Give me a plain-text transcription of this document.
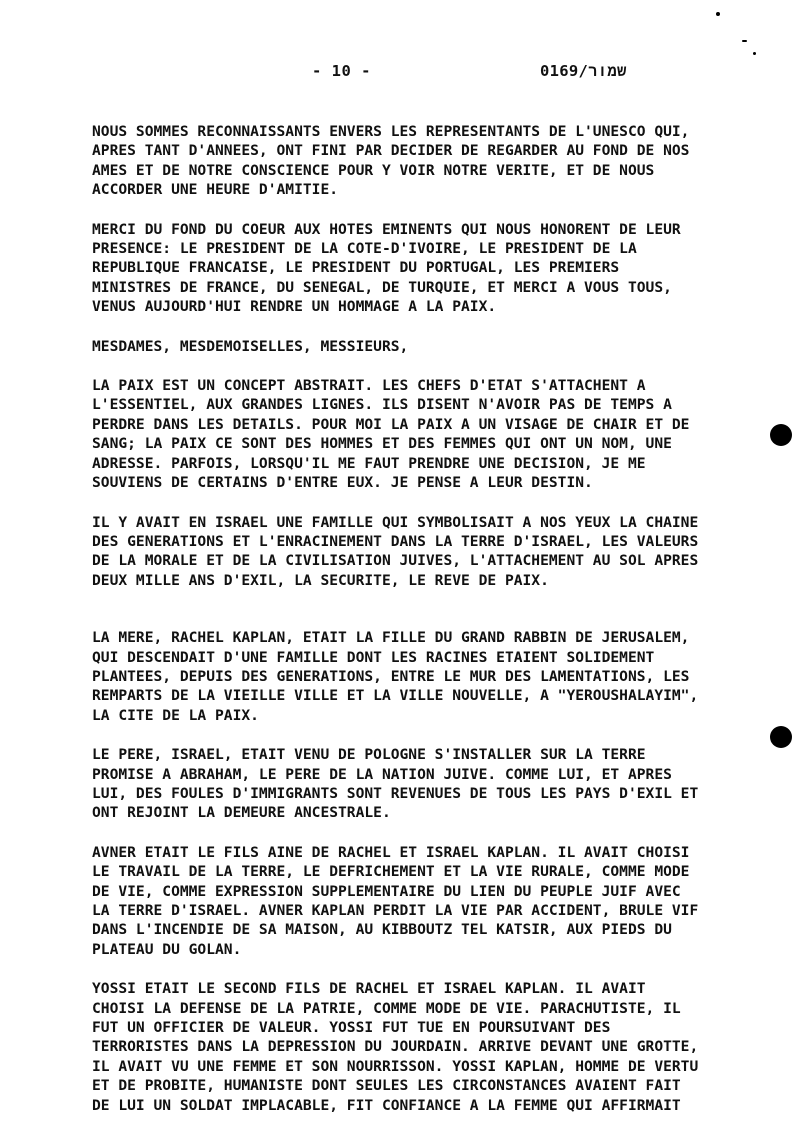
- 10 -	שמור/0169

NOUS SOMMES RECONNAISSANTS ENVERS LES REPRESENTANTS DE L'UNESCO QUI,
APRES TANT D'ANNEES, ONT FINI PAR DECIDER DE REGARDER AU FOND DE NOS
AMES ET DE NOTRE CONSCIENCE POUR Y VOIR NOTRE VERITE, ET DE NOUS
ACCORDER UNE HEURE D'AMITIE.

MERCI DU FOND DU COEUR AUX HOTES EMINENTS QUI NOUS HONORENT DE LEUR
PRESENCE: LE PRESIDENT DE LA COTE-D'IVOIRE, LE PRESIDENT DE LA
REPUBLIQUE FRANCAISE, LE PRESIDENT DU PORTUGAL, LES PREMIERS
MINISTRES DE FRANCE, DU SENEGAL, DE TURQUIE, ET MERCI A VOUS TOUS,
VENUS AUJOURD'HUI RENDRE UN HOMMAGE A LA PAIX.

MESDAMES, MESDEMOISELLES, MESSIEURS,

LA PAIX EST UN CONCEPT ABSTRAIT. LES CHEFS D'ETAT S'ATTACHENT A
L'ESSENTIEL, AUX GRANDES LIGNES. ILS DISENT N'AVOIR PAS DE TEMPS A
PERDRE DANS LES DETAILS. POUR MOI LA PAIX A UN VISAGE DE CHAIR ET DE
SANG; LA PAIX CE SONT DES HOMMES ET DES FEMMES QUI ONT UN NOM, UNE
ADRESSE. PARFOIS, LORSQU'IL ME FAUT PRENDRE UNE DECISION, JE ME
SOUVIENS DE CERTAINS D'ENTRE EUX. JE PENSE A LEUR DESTIN.

IL Y AVAIT EN ISRAEL UNE FAMILLE QUI SYMBOLISAIT A NOS YEUX LA CHAINE
DES GENERATIONS ET L'ENRACINEMENT DANS LA TERRE D'ISRAEL, LES VALEURS
DE LA MORALE ET DE LA CIVILISATION JUIVES, L'ATTACHEMENT AU SOL APRES
DEUX MILLE ANS D'EXIL, LA SECURITE, LE REVE DE PAIX.

LA MERE, RACHEL KAPLAN, ETAIT LA FILLE DU GRAND RABBIN DE JERUSALEM,
QUI DESCENDAIT D'UNE FAMILLE DONT LES RACINES ETAIENT SOLIDEMENT
PLANTEES, DEPUIS DES GENERATIONS, ENTRE LE MUR DES LAMENTATIONS, LES
REMPARTS DE LA VIEILLE VILLE ET LA VILLE NOUVELLE, A "YEROUSHALAYIM",
LA CITE DE LA PAIX.

LE PERE, ISRAEL, ETAIT VENU DE POLOGNE S'INSTALLER SUR LA TERRE
PROMISE A ABRAHAM, LE PERE DE LA NATION JUIVE. COMME LUI, ET APRES
LUI, DES FOULES D'IMMIGRANTS SONT REVENUES DE TOUS LES PAYS D'EXIL ET
ONT REJOINT LA DEMEURE ANCESTRALE.

AVNER ETAIT LE FILS AINE DE RACHEL ET ISRAEL KAPLAN. IL AVAIT CHOISI
LE TRAVAIL DE LA TERRE, LE DEFRICHEMENT ET LA VIE RURALE, COMME MODE
DE VIE, COMME EXPRESSION SUPPLEMENTAIRE DU LIEN DU PEUPLE JUIF AVEC
LA TERRE D'ISRAEL. AVNER KAPLAN PERDIT LA VIE PAR ACCIDENT, BRULE VIF
DANS L'INCENDIE DE SA MAISON, AU KIBBOUTZ TEL KATSIR, AUX PIEDS DU
PLATEAU DU GOLAN.

YOSSI ETAIT LE SECOND FILS DE RACHEL ET ISRAEL KAPLAN. IL AVAIT
CHOISI LA DEFENSE DE LA PATRIE, COMME MODE DE VIE. PARACHUTISTE, IL
FUT UN OFFICIER DE VALEUR. YOSSI FUT TUE EN POURSUIVANT DES
TERRORISTES DANS LA DEPRESSION DU JOURDAIN. ARRIVE DEVANT UNE GROTTE,
IL AVAIT VU UNE FEMME ET SON NOURRISSON. YOSSI KAPLAN, HOMME DE VERTU
ET DE PROBITE, HUMANISTE DONT SEULES LES CIRCONSTANCES AVAIENT FAIT
DE LUI UN SOLDAT IMPLACABLE, FIT CONFIANCE A LA FEMME QUI AFFIRMAIT
